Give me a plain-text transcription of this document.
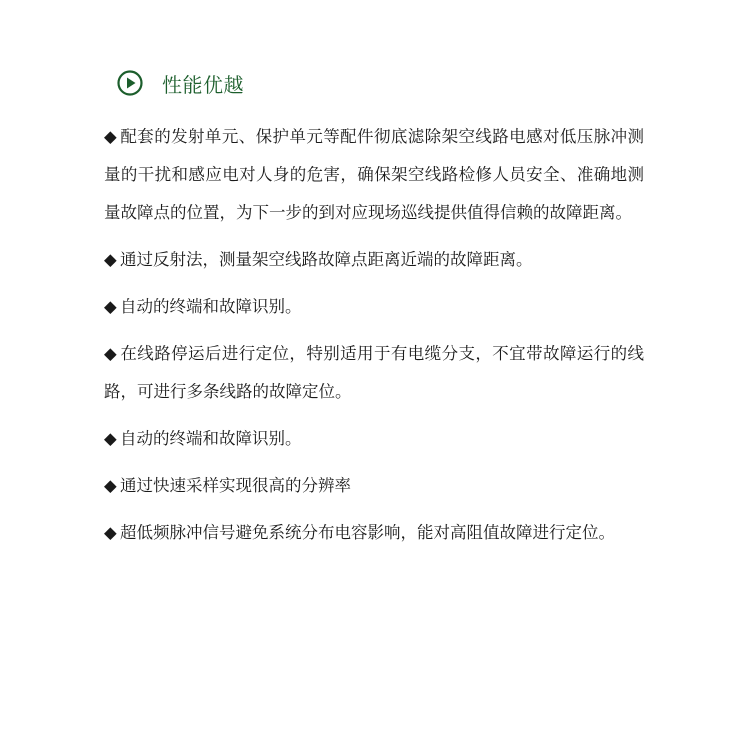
性能优越

◆ 配套的发射单元、保护单元等配件彻底滤除架空线路电感对低压脉冲测量的干扰和感应电对人身的危害，确保架空线路检修人员安全、准确地测量故障点的位置，为下一步的到对应现场巡线提供值得信赖的故障距离。

◆ 通过反射法，测量架空线路故障点距离近端的故障距离。

◆ 自动的终端和故障识别。

◆ 在线路停运后进行定位，特别适用于有电缆分支，不宜带故障运行的线路，可进行多条线路的故障定位。

◆ 自动的终端和故障识别。

◆ 通过快速采样实现很高的分辨率

◆ 超低频脉冲信号避免系统分布电容影响，能对高阻值故障进行定位。
